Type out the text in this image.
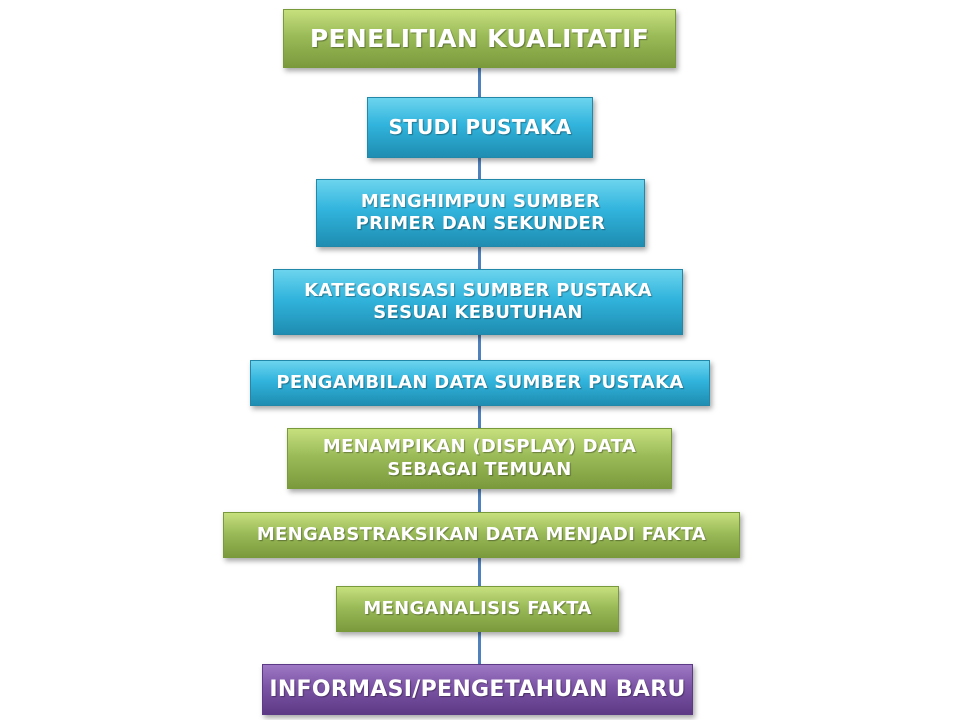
PENELITIAN KUALITATIF
STUDI PUSTAKA
MENGHIMPUN SUMBER
PRIMER DAN SEKUNDER
KATEGORISASI SUMBER PUSTAKA
SESUAI KEBUTUHAN
PENGAMBILAN DATA SUMBER PUSTAKA
MENAMPIKAN (DISPLAY) DATA
SEBAGAI TEMUAN
MENGABSTRAKSIKAN DATA MENJADI FAKTA
MENGANALISIS FAKTA
INFORMASI/PENGETAHUAN BARU
